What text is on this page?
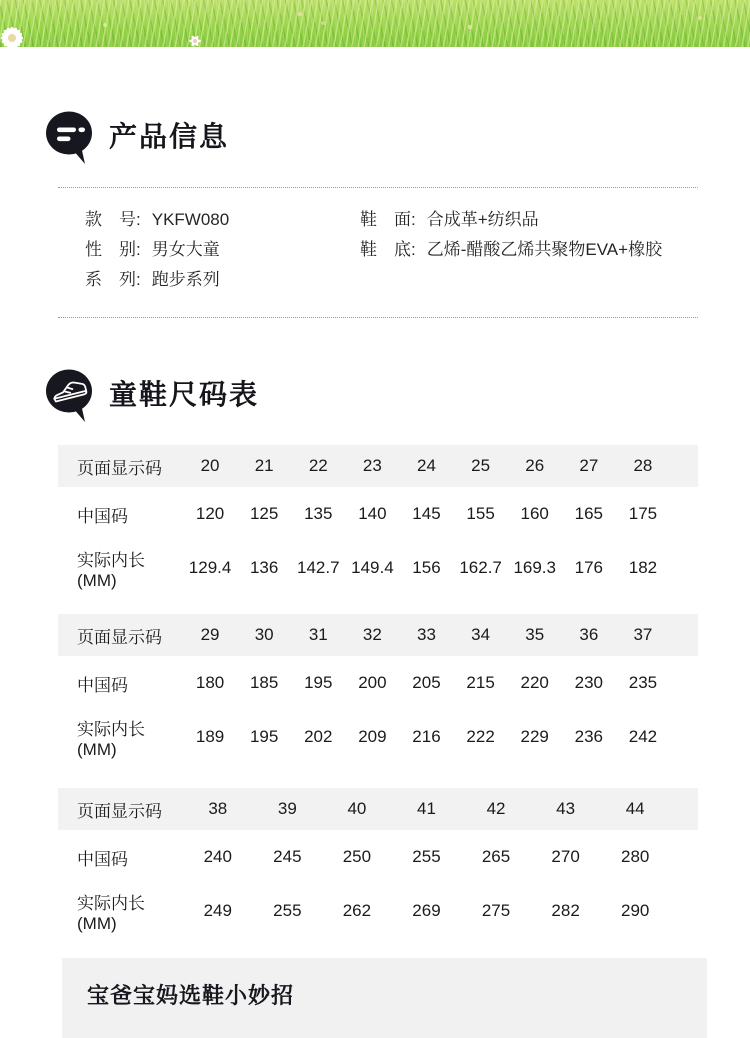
产品信息
款　号: YKFW080
性　别: 男女大童
系　列: 跑步系列
鞋　面: 合成革+纺织品
鞋　底: 乙烯-醋酸乙烯共聚物EVA+橡胶
童鞋尺码表
页面显示码	20	21	22	23	24	25	26	27	28	
中国码	120	125	135	140	145	155	160	165	175	
实际内长(MM)	129.4	136	142.7	149.4	156	162.7	169.3	176	182	
页面显示码	29	30	31	32	33	34	35	36	37	
中国码	180	185	195	200	205	215	220	230	235	
实际内长(MM)	189	195	202	209	216	222	229	236	242	
页面显示码	38	39	40	41	42	43	44	
中国码	240	245	250	255	265	270	280	
实际内长(MM)	249	255	262	269	275	282	290	
宝爸宝妈选鞋小妙招
